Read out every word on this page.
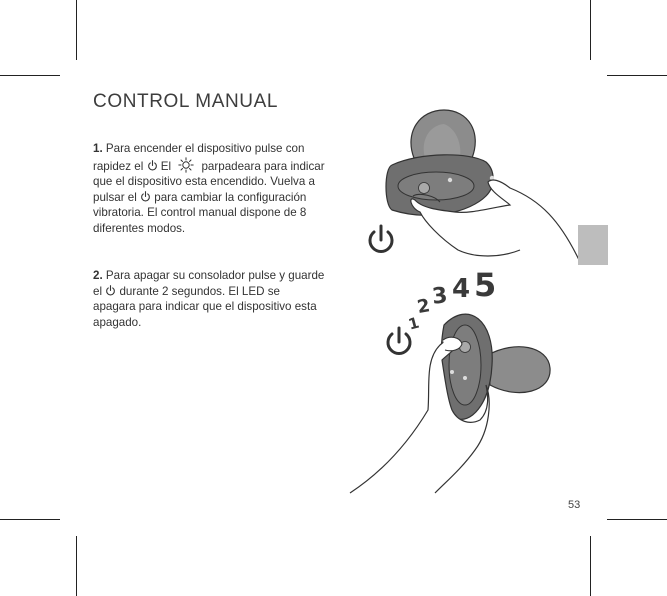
CONTROL MANUAL

1. Para encender el dispositivo pulse con rapidez el  El  parpadeara para indicar que el dispositivo esta encendido. Vuelva a pulsar el  para cambiar la configuración vibratoria. El control manual dispone de 8 diferentes modos.

2. Para apagar su consolador pulse y guarde el  durante 2 segundos. El LED se apagara para indicar que el dispositivo esta apagado.	1
2 3 4 5
53
